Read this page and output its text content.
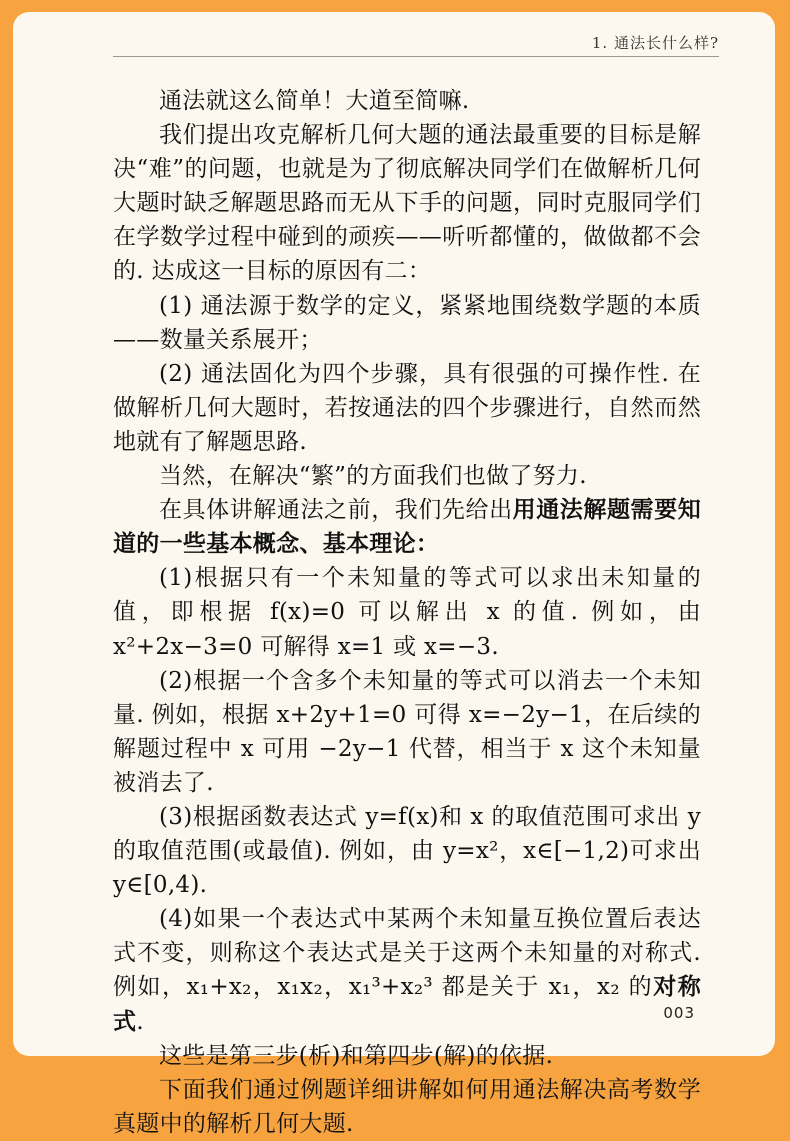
1. 通法长什么样?

通法就这么简单！大道至简嘛.

我们提出攻克解析几何大题的通法最重要的目标是解决“难”的问题，也就是为了彻底解决同学们在做解析几何大题时缺乏解题思路而无从下手的问题，同时克服同学们在学数学过程中碰到的顽疾——听听都懂的，做做都不会的. 达成这一目标的原因有二：

(1) 通法源于数学的定义，紧紧地围绕数学题的本质——数量关系展开；

(2) 通法固化为四个步骤，具有很强的可操作性. 在做解析几何大题时，若按通法的四个步骤进行，自然而然地就有了解题思路.

当然，在解决“繁”的方面我们也做了努力.

在具体讲解通法之前，我们先给出用通法解题需要知道的一些基本概念、基本理论：

(1)根据只有一个未知量的等式可以求出未知量的值，即根据 f(x)=0 可以解出 x 的值. 例如，由 x²+2x−3=0 可解得 x=1 或 x=−3.

(2)根据一个含多个未知量的等式可以消去一个未知量. 例如，根据 x+2y+1=0 可得 x=−2y−1，在后续的解题过程中 x 可用 −2y−1 代替，相当于 x 这个未知量被消去了.

(3)根据函数表达式 y=f(x)和 x 的取值范围可求出 y 的取值范围(或最值). 例如，由 y=x²，x∈[−1,2)可求出 y∈[0,4).

(4)如果一个表达式中某两个未知量互换位置后表达式不变，则称这个表达式是关于这两个未知量的对称式. 例如，x₁+x₂，x₁x₂，x₁³+x₂³ 都是关于 x₁，x₂ 的对称式.

这些是第三步(析)和第四步(解)的依据.

下面我们通过例题详细讲解如何用通法解决高考数学真题中的解析几何大题.

003
